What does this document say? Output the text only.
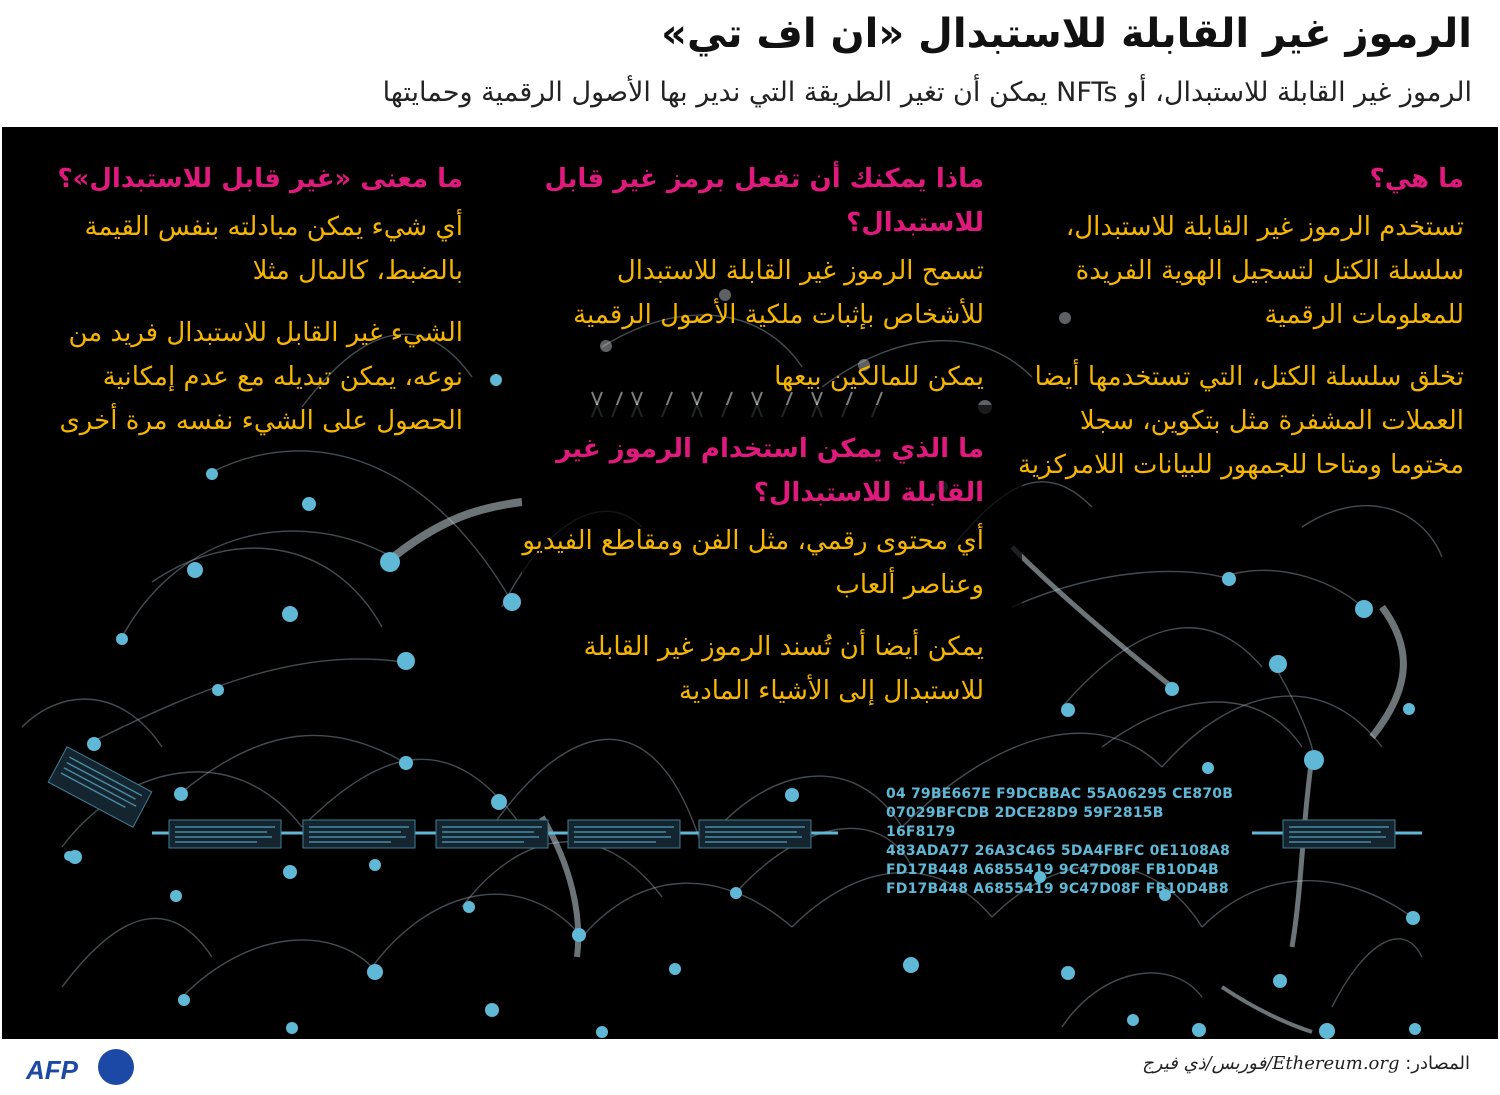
الرموز غير القابلة للاستبدال «ان اف تي»
الرموز غير القابلة للاستبدال، أو NFTs يمكن أن تغير الطريقة التي ندير بها الأصول الرقمية وحمايتها
ما هي؟

تستخدم الرموز غير القابلة للاستبدال، سلسلة الكتل لتسجيل الهوية الفريدة للمعلومات الرقمية

تخلق سلسلة الكتل، التي تستخدمها أيضا العملات المشفرة مثل بتكوين، سجلا مختوما ومتاحا للجمهور للبيانات اللامركزية

ماذا يمكنك أن تفعل برمز غير قابل للاستبدال؟

تسمح الرموز غير القابلة للاستبدال للأشخاص بإثبات ملكية الأصول الرقمية

يمكن للمالكين بيعها

ما معنى «غير قابل للاستبدال»؟

أي شيء يمكن مبادلته بنفس القيمة بالضبط، كالمال مثلا

الشيء غير القابل للاستبدال فريد من نوعه، يمكن تبديله مع عدم إمكانية الحصول على الشيء نفسه مرة أخرى

ما الذي يمكن استخدام الرموز غير القابلة للاستبدال؟

أي محتوى رقمي، مثل الفن ومقاطع الفيديو وعناصر ألعاب

يمكن أيضا أن تُسند الرموز غير القابلة للاستبدال إلى الأشياء المادية

04 79BE667E F9DCBBAC 55A06295 CE870B
07029BFCDB 2DCE28D9 59F2815B 16F8179
483ADA77 26A3C465 5DA4FBFC 0E1108A8
FD17B448 A6855419 9C47D08F FB10D4B
FD17B448 A6855419 9C47D08F FB10D4B8
المصادر: Ethereum.org/فوربس/ذي فيرج
AFP
